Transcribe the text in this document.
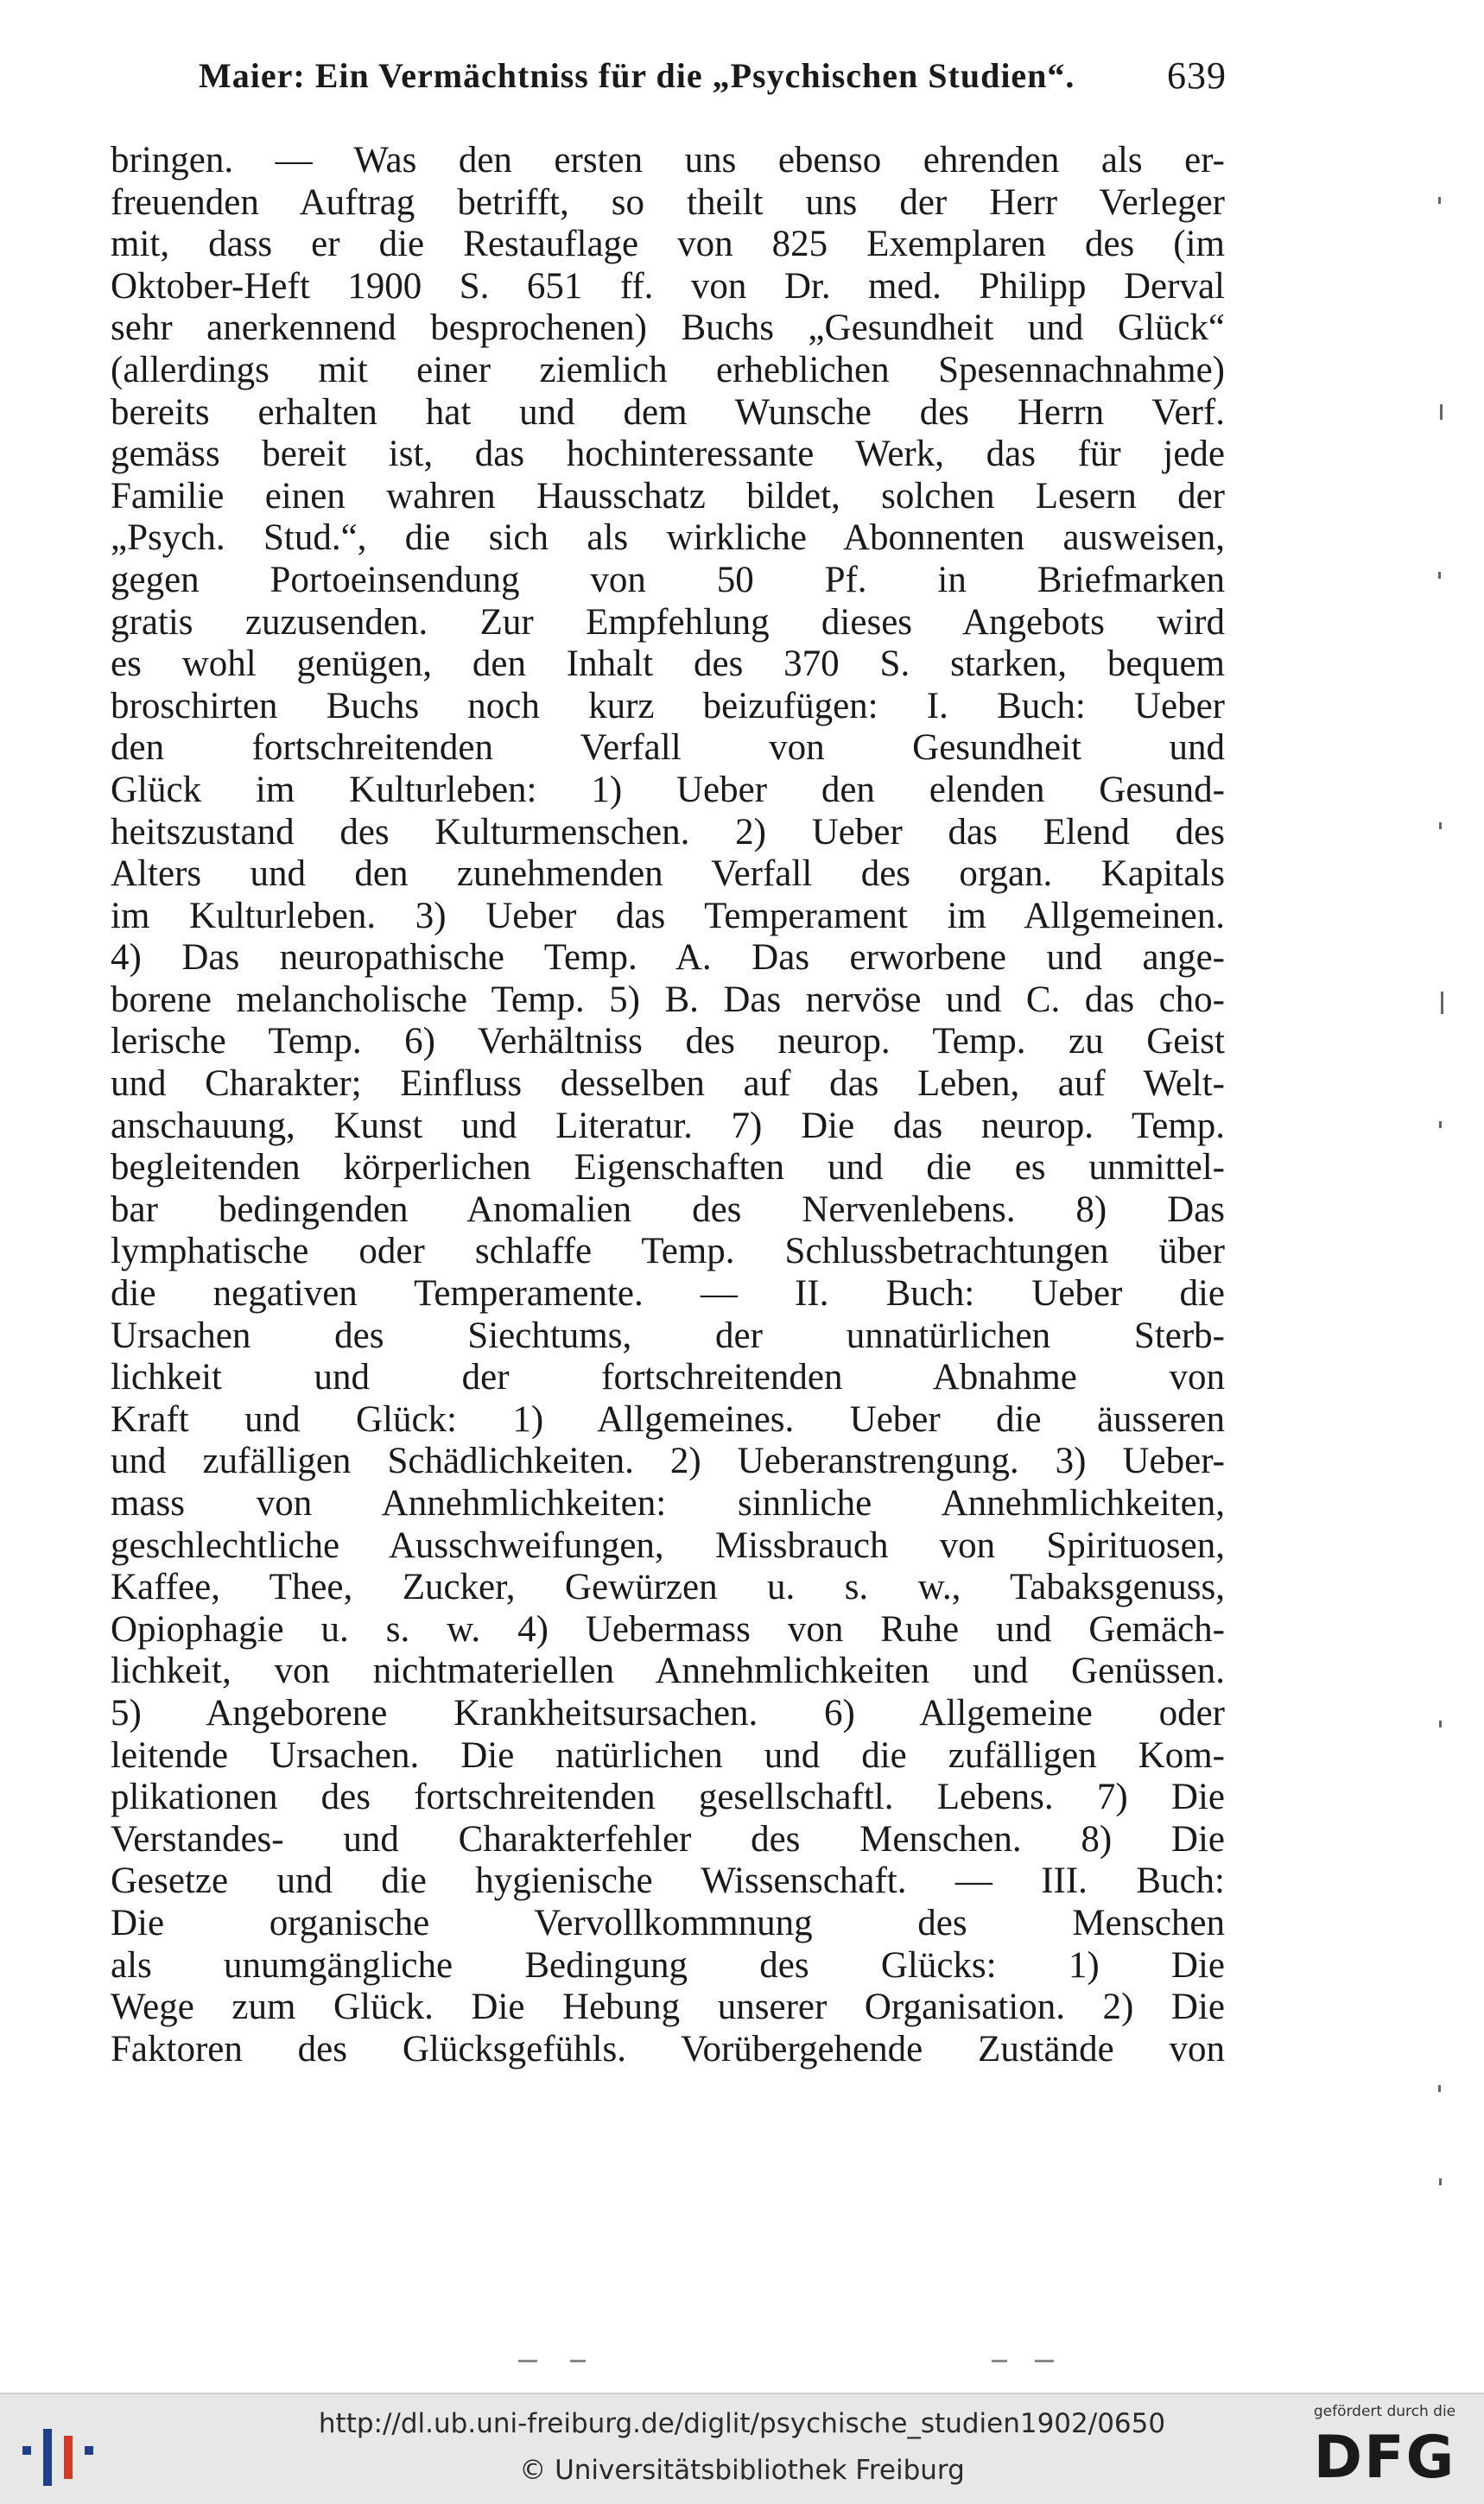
Maier: Ein Vermächtniss für die „Psychischen Studien“. 639
bringen. — Was den ersten uns ebenso ehrenden als er-
freuenden Auftrag betrifft, so theilt uns der Herr Verleger
mit, dass er die Restauflage von 825 Exemplaren des (im
Oktober-Heft 1900 S. 651 ff. von Dr. med. Philipp Derval
sehr anerkennend besprochenen) Buchs „Gesundheit und Glück“
(allerdings mit einer ziemlich erheblichen Spesennachnahme)
bereits erhalten hat und dem Wunsche des Herrn Verf.
gemäss bereit ist, das hochinteressante Werk, das für jede
Familie einen wahren Hausschatz bildet, solchen Lesern der
„Psych. Stud.“, die sich als wirkliche Abonnenten ausweisen,
gegen Portoeinsendung von 50 Pf. in Briefmarken
gratis zuzusenden. Zur Empfehlung dieses Angebots wird
es wohl genügen, den Inhalt des 370 S. starken, bequem
broschirten Buchs noch kurz beizufügen: I. Buch: Ueber
den fortschreitenden Verfall von Gesundheit und
Glück im Kulturleben: 1) Ueber den elenden Gesund-
heitszustand des Kulturmenschen. 2) Ueber das Elend des
Alters und den zunehmenden Verfall des organ. Kapitals
im Kulturleben. 3) Ueber das Temperament im Allgemeinen.
4) Das neuropathische Temp. A. Das erworbene und ange-
borene melancholische Temp. 5) B. Das nervöse und C. das cho-
lerische Temp. 6) Verhältniss des neurop. Temp. zu Geist
und Charakter; Einfluss desselben auf das Leben, auf Welt-
anschauung, Kunst und Literatur. 7) Die das neurop. Temp.
begleitenden körperlichen Eigenschaften und die es unmittel-
bar bedingenden Anomalien des Nervenlebens. 8) Das
lymphatische oder schlaffe Temp. Schlussbetrachtungen über
die negativen Temperamente. — II. Buch: Ueber die
Ursachen des Siechtums, der unnatürlichen Sterb-
lichkeit und der fortschreitenden Abnahme von
Kraft und Glück: 1) Allgemeines. Ueber die äusseren
und zufälligen Schädlichkeiten. 2) Ueberanstrengung. 3) Ueber-
mass von Annehmlichkeiten: sinnliche Annehmlichkeiten,
geschlechtliche Ausschweifungen, Missbrauch von Spirituosen,
Kaffee, Thee, Zucker, Gewürzen u. s. w., Tabaksgenuss,
Opiophagie u. s. w. 4) Uebermass von Ruhe und Gemäch-
lichkeit, von nichtmateriellen Annehmlichkeiten und Genüssen.
5) Angeborene Krankheitsursachen. 6) Allgemeine oder
leitende Ursachen. Die natürlichen und die zufälligen Kom-
plikationen des fortschreitenden gesellschaftl. Lebens. 7) Die
Verstandes- und Charakterfehler des Menschen. 8) Die
Gesetze und die hygienische Wissenschaft. — III. Buch:
Die organische Vervollkommnung des Menschen
als unumgängliche Bedingung des Glücks: 1) Die
Wege zum Glück. Die Hebung unserer Organisation. 2) Die
Faktoren des Glücksgefühls. Vorübergehende Zustände von
http://dl.ub.uni-freiburg.de/diglit/psychische_studien1902/0650
© Universitätsbibliothek Freiburg
gefördert durch die
DFG
